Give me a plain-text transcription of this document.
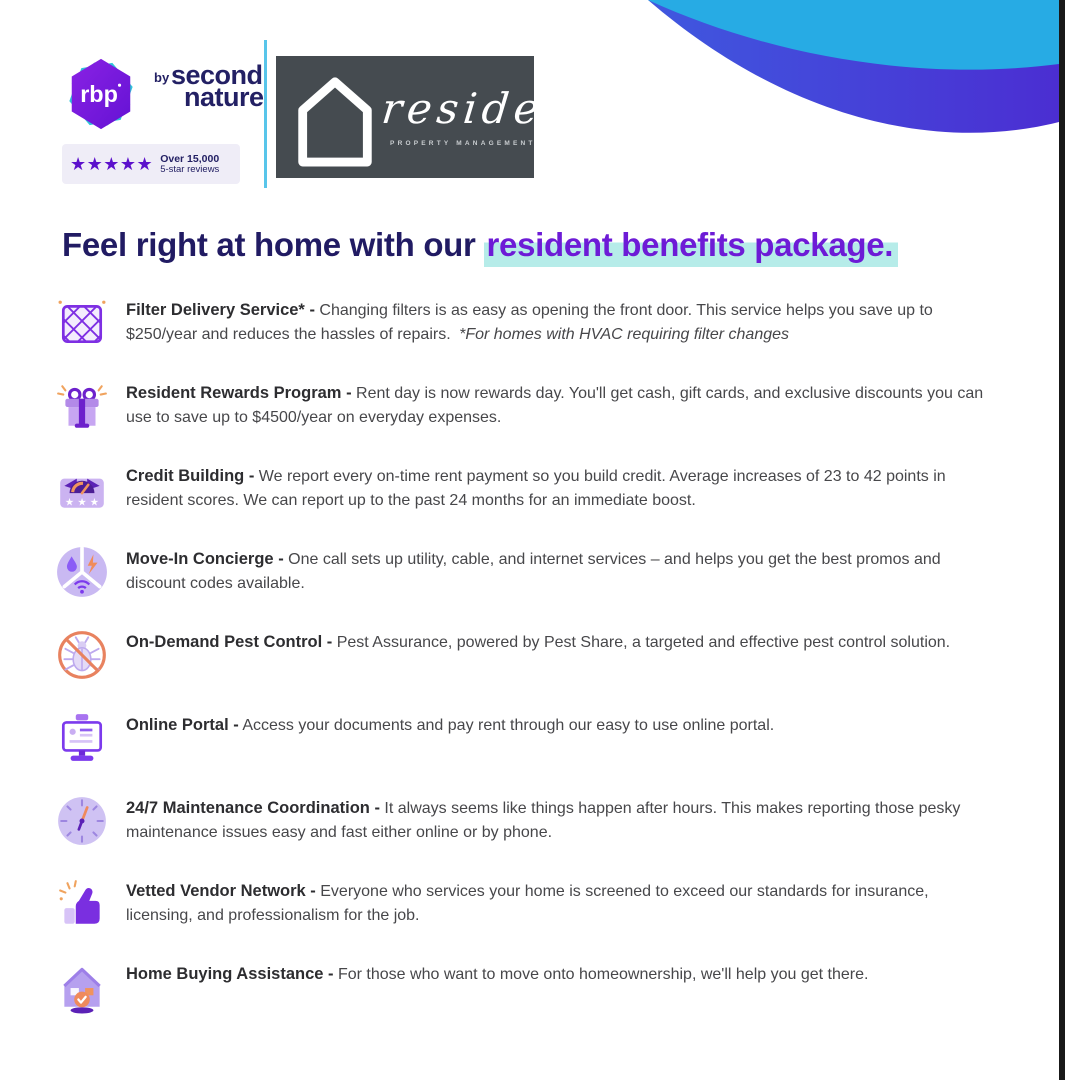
rbp
by second
nature
★★★★★ Over 15,000
5-star reviews
reside
PROPERTY MANAGEMENT
Feel right at home with our resident benefits package.
Filter Delivery Service* - Changing filters is as easy as opening the front door. This service helps you save up to $250/year and reduces the hassles of repairs. *For homes with HVAC requiring filter changes
Resident Rewards Program - Rent day is now rewards day. You'll get cash, gift cards, and exclusive discounts you can use to save up to $4500/year on everyday expenses.
★ ★ ★
Credit Building - We report every on-time rent payment so you build credit. Average increases of 23 to 42 points in resident scores. We can report up to the past 24 months for an immediate boost.
Move-In Concierge - One call sets up utility, cable, and internet services – and helps you get the best promos and discount codes available.
On-Demand Pest Control - Pest Assurance, powered by Pest Share, a targeted and effective pest control solution.
Online Portal - Access your documents and pay rent through our easy to use online portal.
24/7 Maintenance Coordination - It always seems like things happen after hours. This makes reporting those pesky maintenance issues easy and fast either online or by phone.
Vetted Vendor Network - Everyone who services your home is screened to exceed our standards for insurance, licensing, and professionalism for the job.
Home Buying Assistance - For those who want to move onto homeownership, we'll help you get there.
